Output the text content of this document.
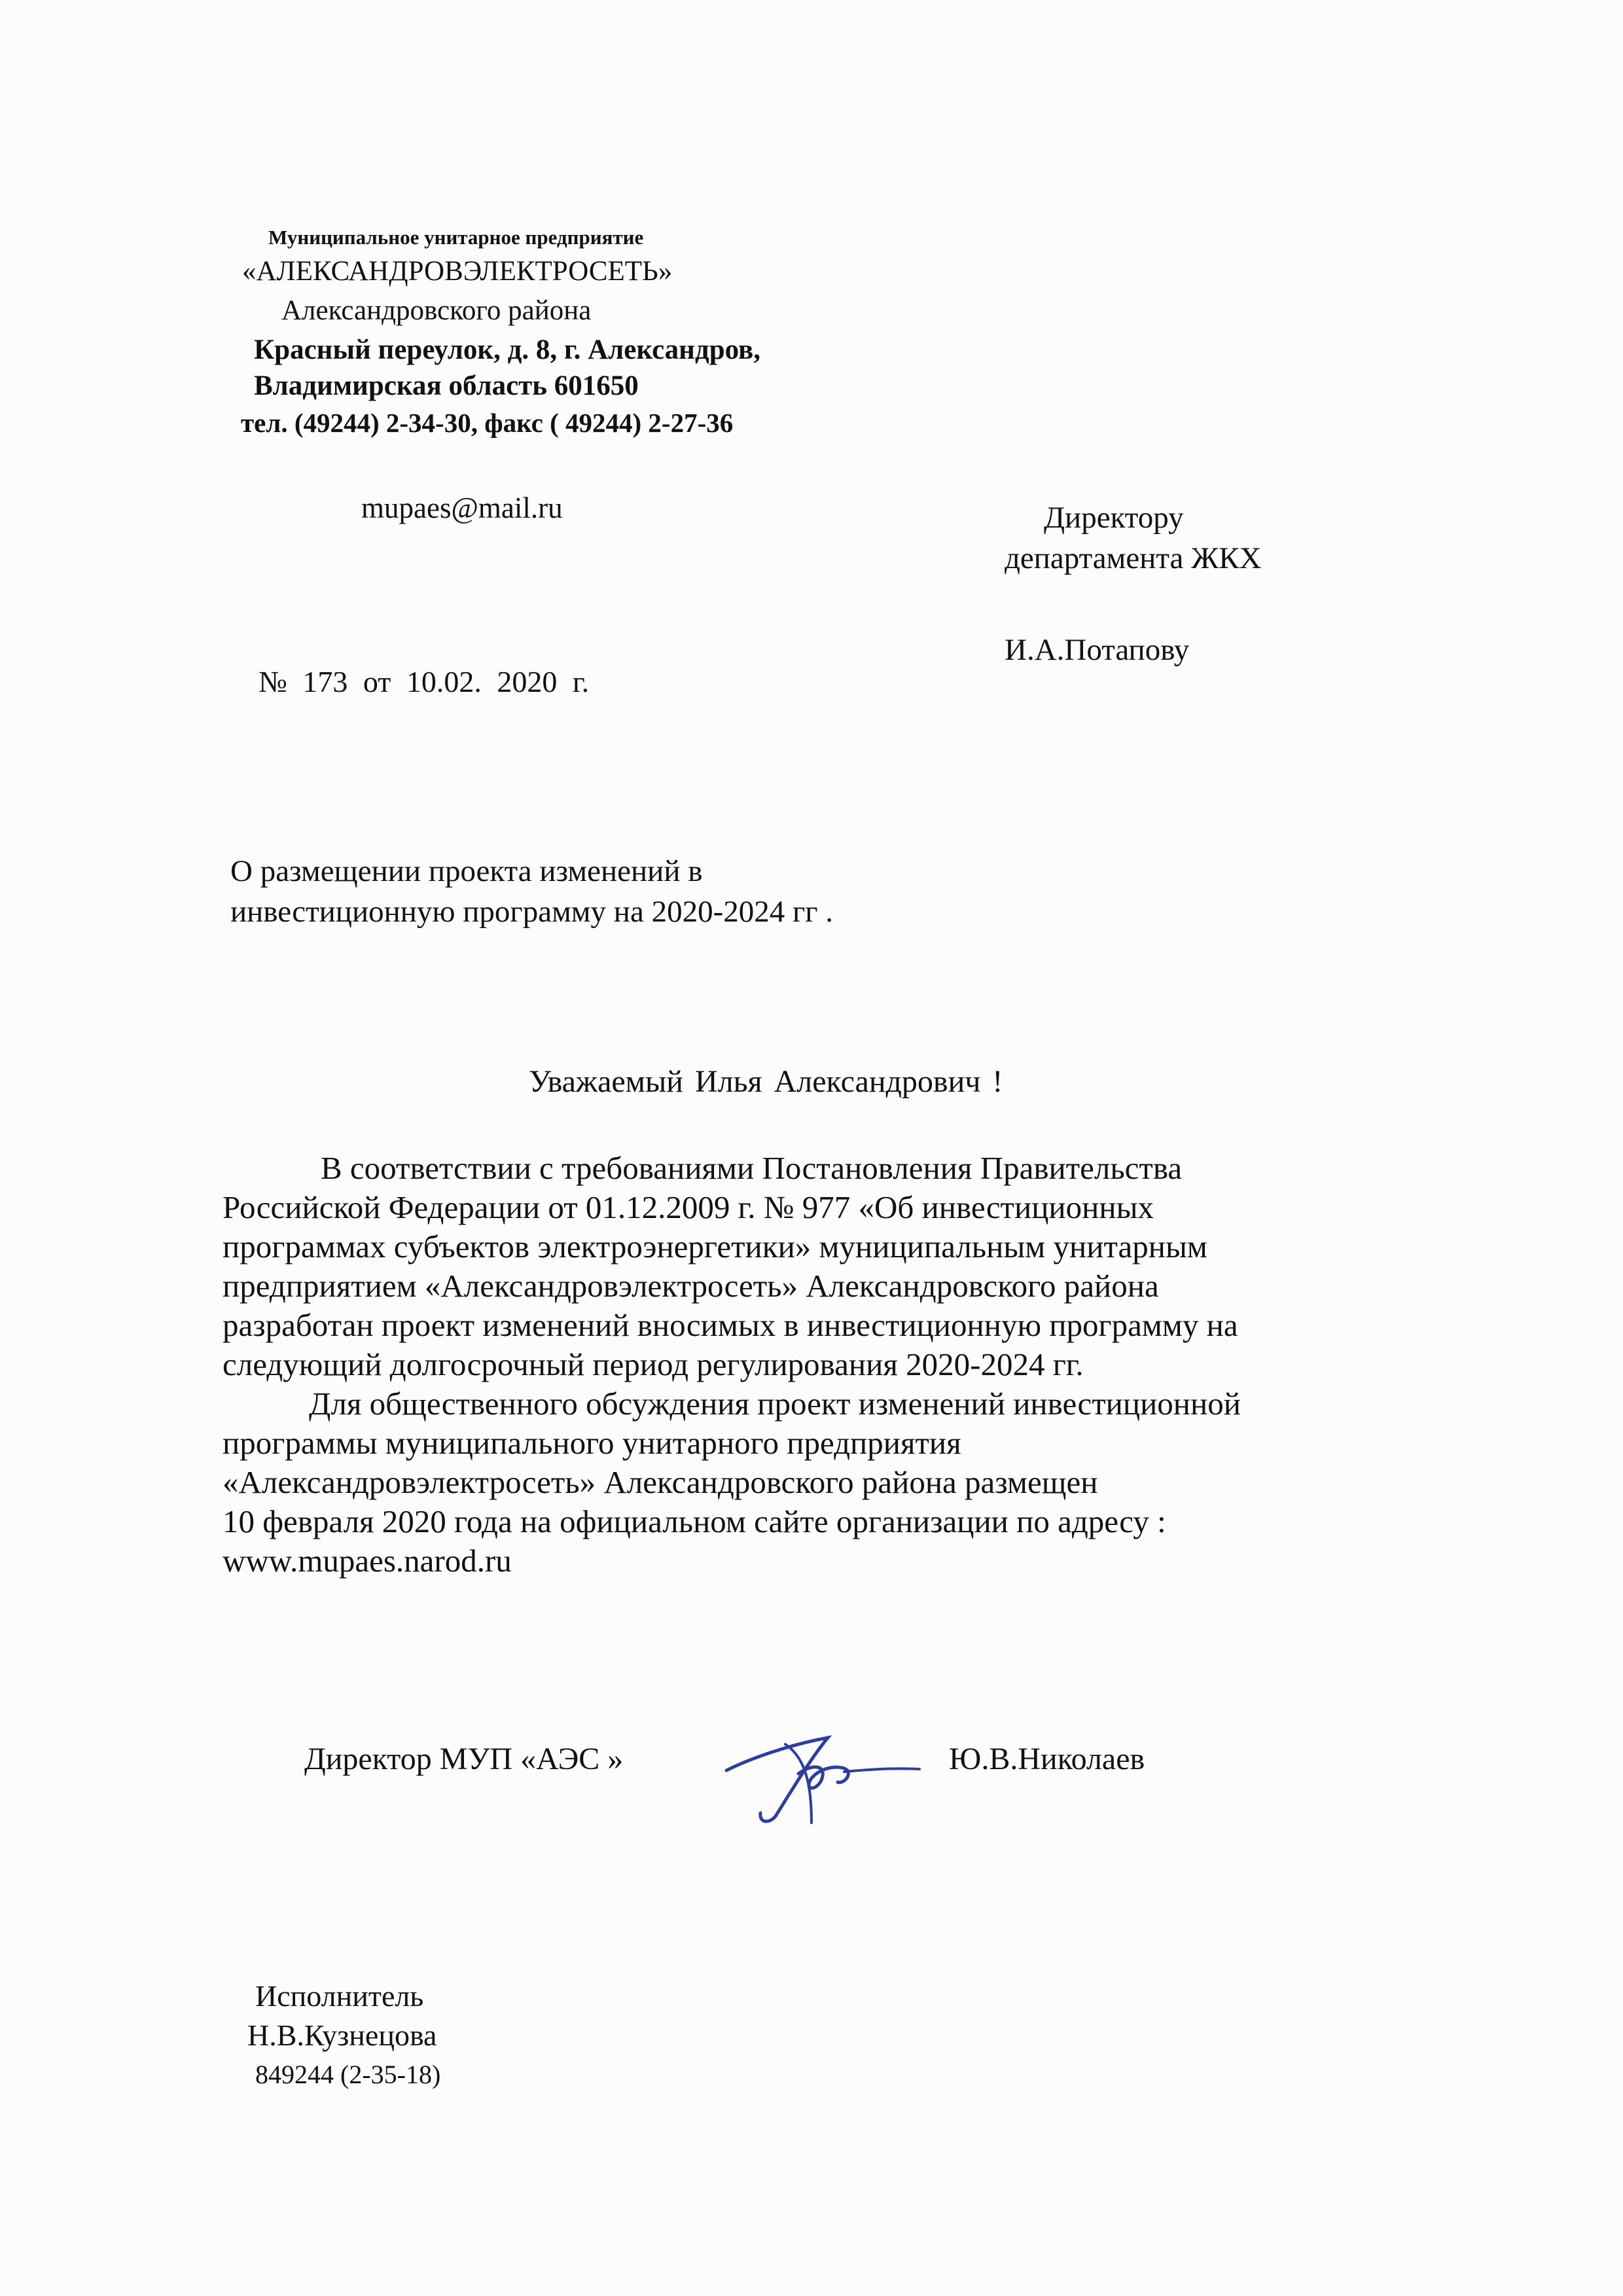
Муниципальное унитарное предприятие
«АЛЕКСАНДРОВЭЛЕКТРОСЕТЬ»
Александровского района
Красный переулок, д. 8, г. Александров,
Владимирская область 601650
тел. (49244) 2-34-30, факс ( 49244) 2-27-36
mupaes@mail.ru
№ 173 от 10.02. 2020 г.
Директору
департамента ЖКХ
И.А.Потапову
О размещении проекта изменений в
инвестиционную программу на 2020-2024 гг .
Уважаемый Илья Александрович !
В соответствии с требованиями Постановления Правительства
Российской Федерации от 01.12.2009 г. № 977 «Об инвестиционных
программах субъектов электроэнергетики» муниципальным унитарным
предприятием «Александровэлектросеть» Александровского района
разработан проект изменений вносимых в инвестиционную программу на
следующий долгосрочный период регулирования 2020-2024 гг.
Для общественного обсуждения проект изменений инвестиционной
программы муниципального унитарного предприятия
«Александровэлектросеть» Александровского района размещен
10 февраля 2020 года на официальном сайте организации по адресу :
www.mupaes.narod.ru
Директор МУП «АЭС »	Ю.В.Николаев
Исполнитель
Н.В.Кузнецова
849244 (2-35-18)
